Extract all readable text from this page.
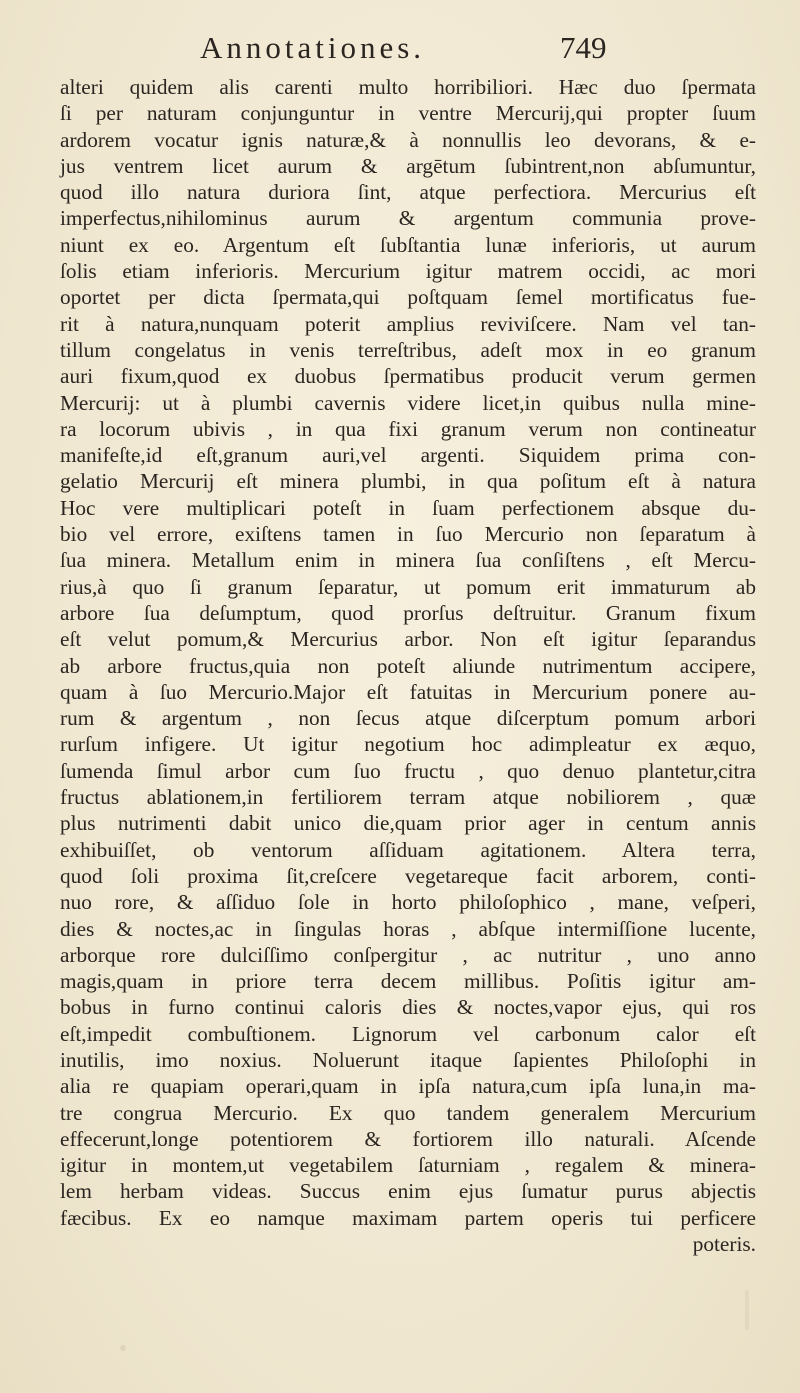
Annotationes.	749
alteri quidem alis carenti multo horribiliori. Hæc duo ſpermata
ſi per naturam conjunguntur in ventre Mercurij,qui propter ſuum
ardorem vocatur ignis naturæ,& à nonnullis leo devorans, & e-
jus ventrem licet aurum & argētum ſubintrent,non abſumuntur,
quod illo natura duriora ſint, atque perfectiora. Mercurius eſt
imperfectus,nihilominus aurum & argentum communia prove-
niunt ex eo. Argentum eſt ſubſtantia lunæ inferioris, ut aurum
ſolis etiam inferioris. Mercurium igitur matrem occidi, ac mori
oportet per dicta ſpermata,qui poſtquam ſemel mortificatus fue-
rit à natura,nunquam poterit amplius reviviſcere. Nam vel tan-
tillum congelatus in venis terreſtribus, adeſt mox in eo granum
auri fixum,quod ex duobus ſpermatibus producit verum germen
Mercurij: ut à plumbi cavernis videre licet,in quibus nulla mine-
ra locorum ubivis , in qua fixi granum verum non contineatur
manifeſte,id eſt,granum auri,vel argenti. Siquidem prima con-
gelatio Mercurij eſt minera plumbi, in qua poſitum eſt à natura
Hoc vere multiplicari poteſt in ſuam perfectionem absque du-
bio vel errore, exiſtens tamen in ſuo Mercurio non ſeparatum à
ſua minera. Metallum enim in minera ſua conſiſtens , eſt Mercu-
rius,à quo ſi granum ſeparatur, ut pomum erit immaturum ab
arbore ſua deſumptum, quod prorſus deſtruitur. Granum fixum
eſt velut pomum,& Mercurius arbor. Non eſt igitur ſeparandus
ab arbore fructus,quia non poteſt aliunde nutrimentum accipere,
quam à ſuo Mercurio.Major eſt fatuitas in Mercurium ponere au-
rum & argentum , non ſecus atque diſcerptum pomum arbori
rurſum infigere. Ut igitur negotium hoc adimpleatur ex æquo,
ſumenda ſimul arbor cum ſuo fructu , quo denuo plantetur,citra
fructus ablationem,in fertiliorem terram atque nobiliorem , quæ
plus nutrimenti dabit unico die,quam prior ager in centum annis
exhibuiſſet, ob ventorum aſſiduam agitationem. Altera terra,
quod ſoli proxima ſit,creſcere vegetareque facit arborem, conti-
nuo rore, & aſſiduo ſole in horto philoſophico , mane, veſperi,
dies & noctes,ac in ſingulas horas , abſque intermiſſione lucente,
arborque rore dulciſſimo conſpergitur , ac nutritur , uno anno
magis,quam in priore terra decem millibus. Poſitis igitur am-
bobus in furno continui caloris dies & noctes,vapor ejus, qui ros
eſt,impedit combuſtionem. Lignorum vel carbonum calor eſt
inutilis, imo noxius. Noluerunt itaque ſapientes Philoſophi in
alia re quapiam operari,quam in ipſa natura,cum ipſa luna,in ma-
tre congrua Mercurio. Ex quo tandem generalem Mercurium
effecerunt,longe potentiorem & fortiorem illo naturali. Aſcende
igitur in montem,ut vegetabilem ſaturniam , regalem & minera-
lem herbam videas. Succus enim ejus ſumatur purus abjectis
fæcibus. Ex eo namque maximam partem operis tui perficere
poteris.
